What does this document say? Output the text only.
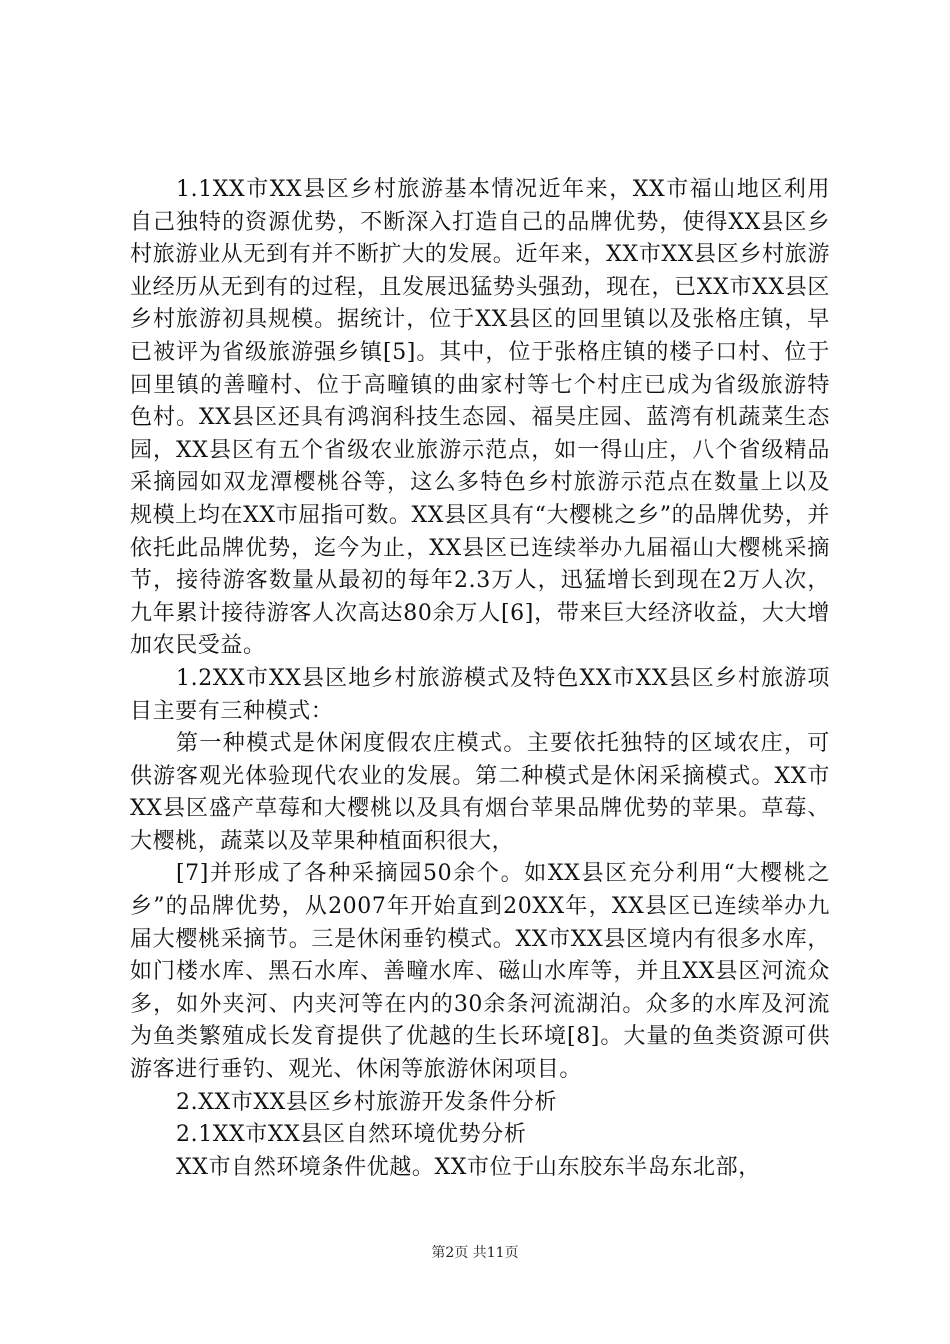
1.1XX市XX县区乡村旅游基本情况近年来，XX市福山地区利用自己独特的资源优势，不断深入打造自己的品牌优势，使得XX县区乡村旅游业从无到有并不断扩大的发展。近年来，XX市XX县区乡村旅游业经历从无到有的过程，且发展迅猛势头强劲，现在，已XX市XX县区乡村旅游初具规模。据统计，位于XX县区的回里镇以及张格庄镇，早已被评为省级旅游强乡镇[5]。其中，位于张格庄镇的楼子口村、位于回里镇的善疃村、位于高疃镇的曲家村等七个村庄已成为省级旅游特色村。XX县区还具有鸿润科技生态园、福昊庄园、蓝湾有机蔬菜生态园，XX县区有五个省级农业旅游示范点，如一得山庄，八个省级精品采摘园如双龙潭樱桃谷等，这么多特色乡村旅游示范点在数量上以及规模上均在XX市屈指可数。XX县区具有“大樱桃之乡”的品牌优势，并依托此品牌优势，迄今为止，XX县区已连续举办九届福山大樱桃采摘节，接待游客数量从最初的每年2.3万人，迅猛增长到现在2万人次，九年累计接待游客人次高达80余万人[6]，带来巨大经济收益，大大增加农民受益。

1.2XX市XX县区地乡村旅游模式及特色XX市XX县区乡村旅游项目主要有三种模式：

第一种模式是休闲度假农庄模式。主要依托独特的区域农庄，可供游客观光体验现代农业的发展。第二种模式是休闲采摘模式。XX市XX县区盛产草莓和大樱桃以及具有烟台苹果品牌优势的苹果。草莓、大樱桃，蔬菜以及苹果种植面积很大，

[7]并形成了各种采摘园50余个。如XX县区充分利用“大樱桃之乡”的品牌优势，从2007年开始直到20XX年，XX县区已连续举办九届大樱桃采摘节。三是休闲垂钓模式。XX市XX县区境内有很多水库，如门楼水库、黑石水库、善疃水库、磁山水库等，并且XX县区河流众多，如外夹河、内夹河等在内的30余条河流湖泊。众多的水库及河流为鱼类繁殖成长发育提供了优越的生长环境[8]。大量的鱼类资源可供游客进行垂钓、观光、休闲等旅游休闲项目。

2.XX市XX县区乡村旅游开发条件分析

2.1XX市XX县区自然环境优势分析

XX市自然环境条件优越。XX市位于山东胶东半岛东北部，

第2页 共11页
